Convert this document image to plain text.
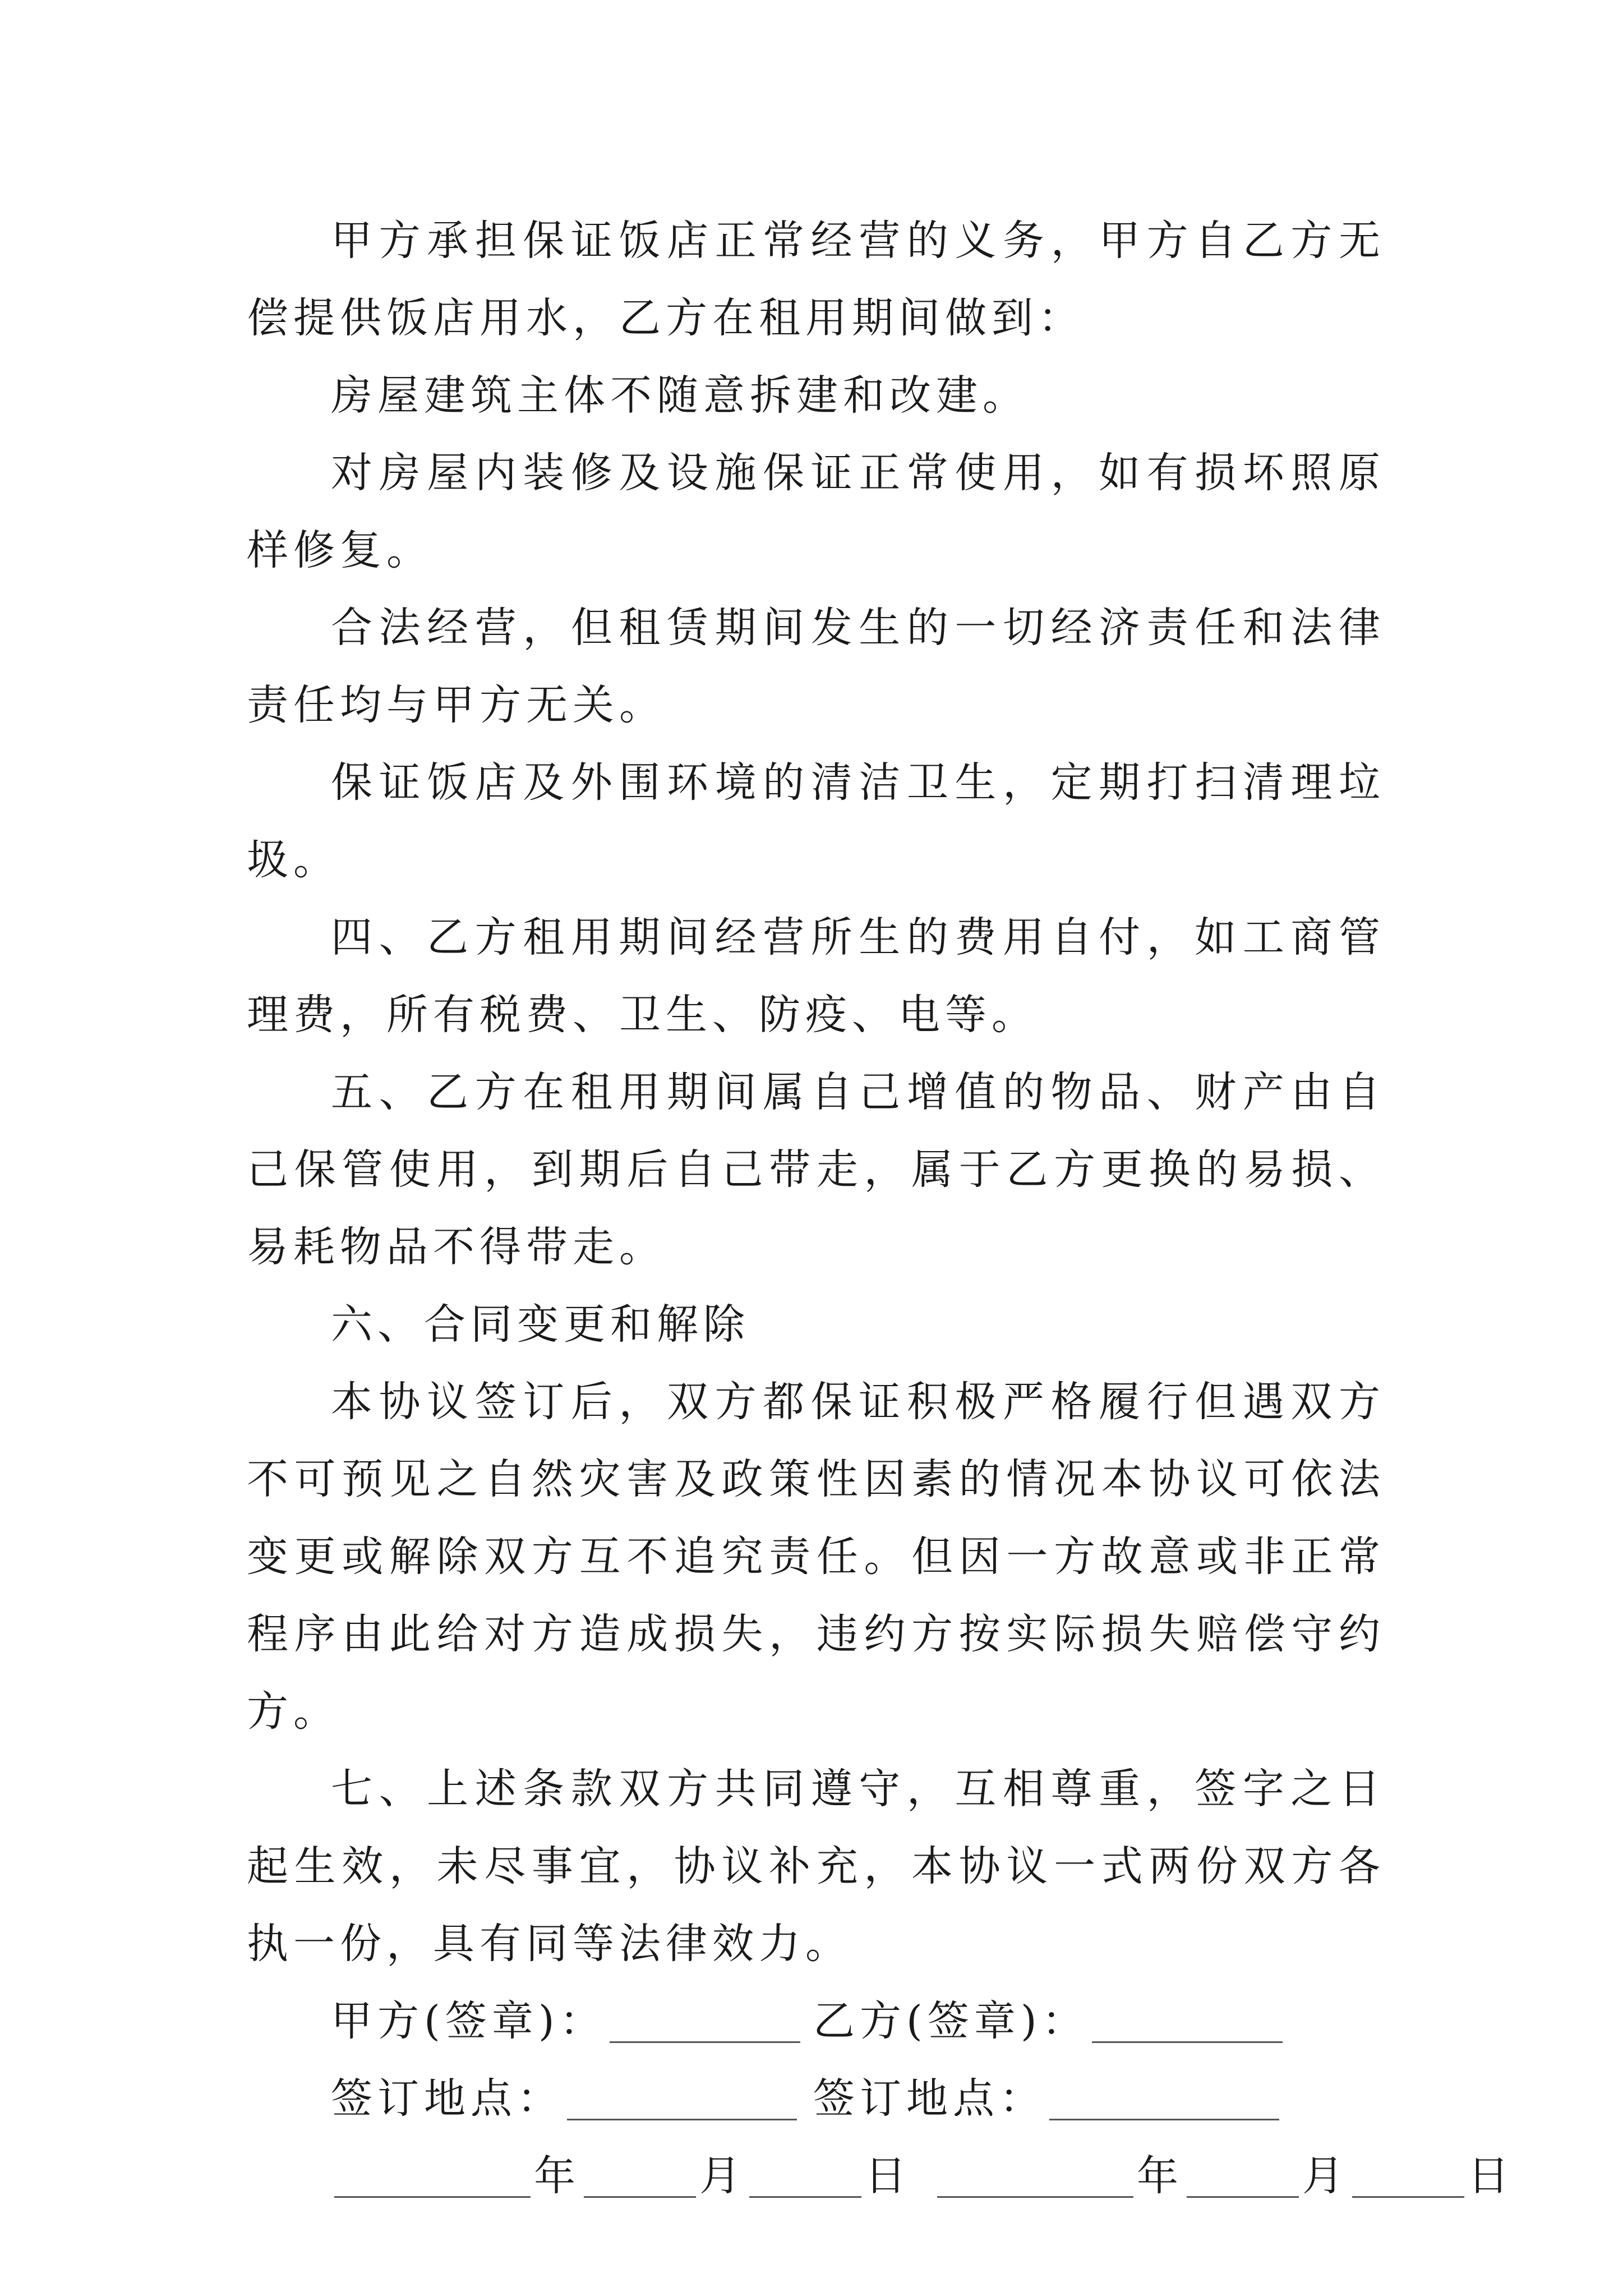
甲方承担保证饭店正常经营的义务，甲方自乙方无偿提供饭店用水，乙方在租用期间做到：

房屋建筑主体不随意拆建和改建。

对房屋内装修及设施保证正常使用，如有损坏照原样修复。

合法经营，但租赁期间发生的一切经济责任和法律责任均与甲方无关。

保证饭店及外围环境的清洁卫生，定期打扫清理垃圾。

四、乙方租用期间经营所生的费用自付，如工商管理费，所有税费、卫生、防疫、电等。

五、乙方在租用期间属自己增值的物品、财产由自己保管使用，到期后自己带走，属于乙方更换的易损、易耗物品不得带走。

六、合同变更和解除

本协议签订后，双方都保证积极严格履行但遇双方不可预见之自然灾害及政策性因素的情况本协议可依法变更或解除双方互不追究责任。但因一方故意或非正常程序由此给对方造成损失，违约方按实际损失赔偿守约方。

七、上述条款双方共同遵守，互相尊重，签字之日起生效，未尽事宜，协议补充，本协议一式两份双方各执一份，具有同等法律效力。

甲方(签章)：	乙方(签章)：
签订地点：	签订地点：
年	月	日	年	月	日
